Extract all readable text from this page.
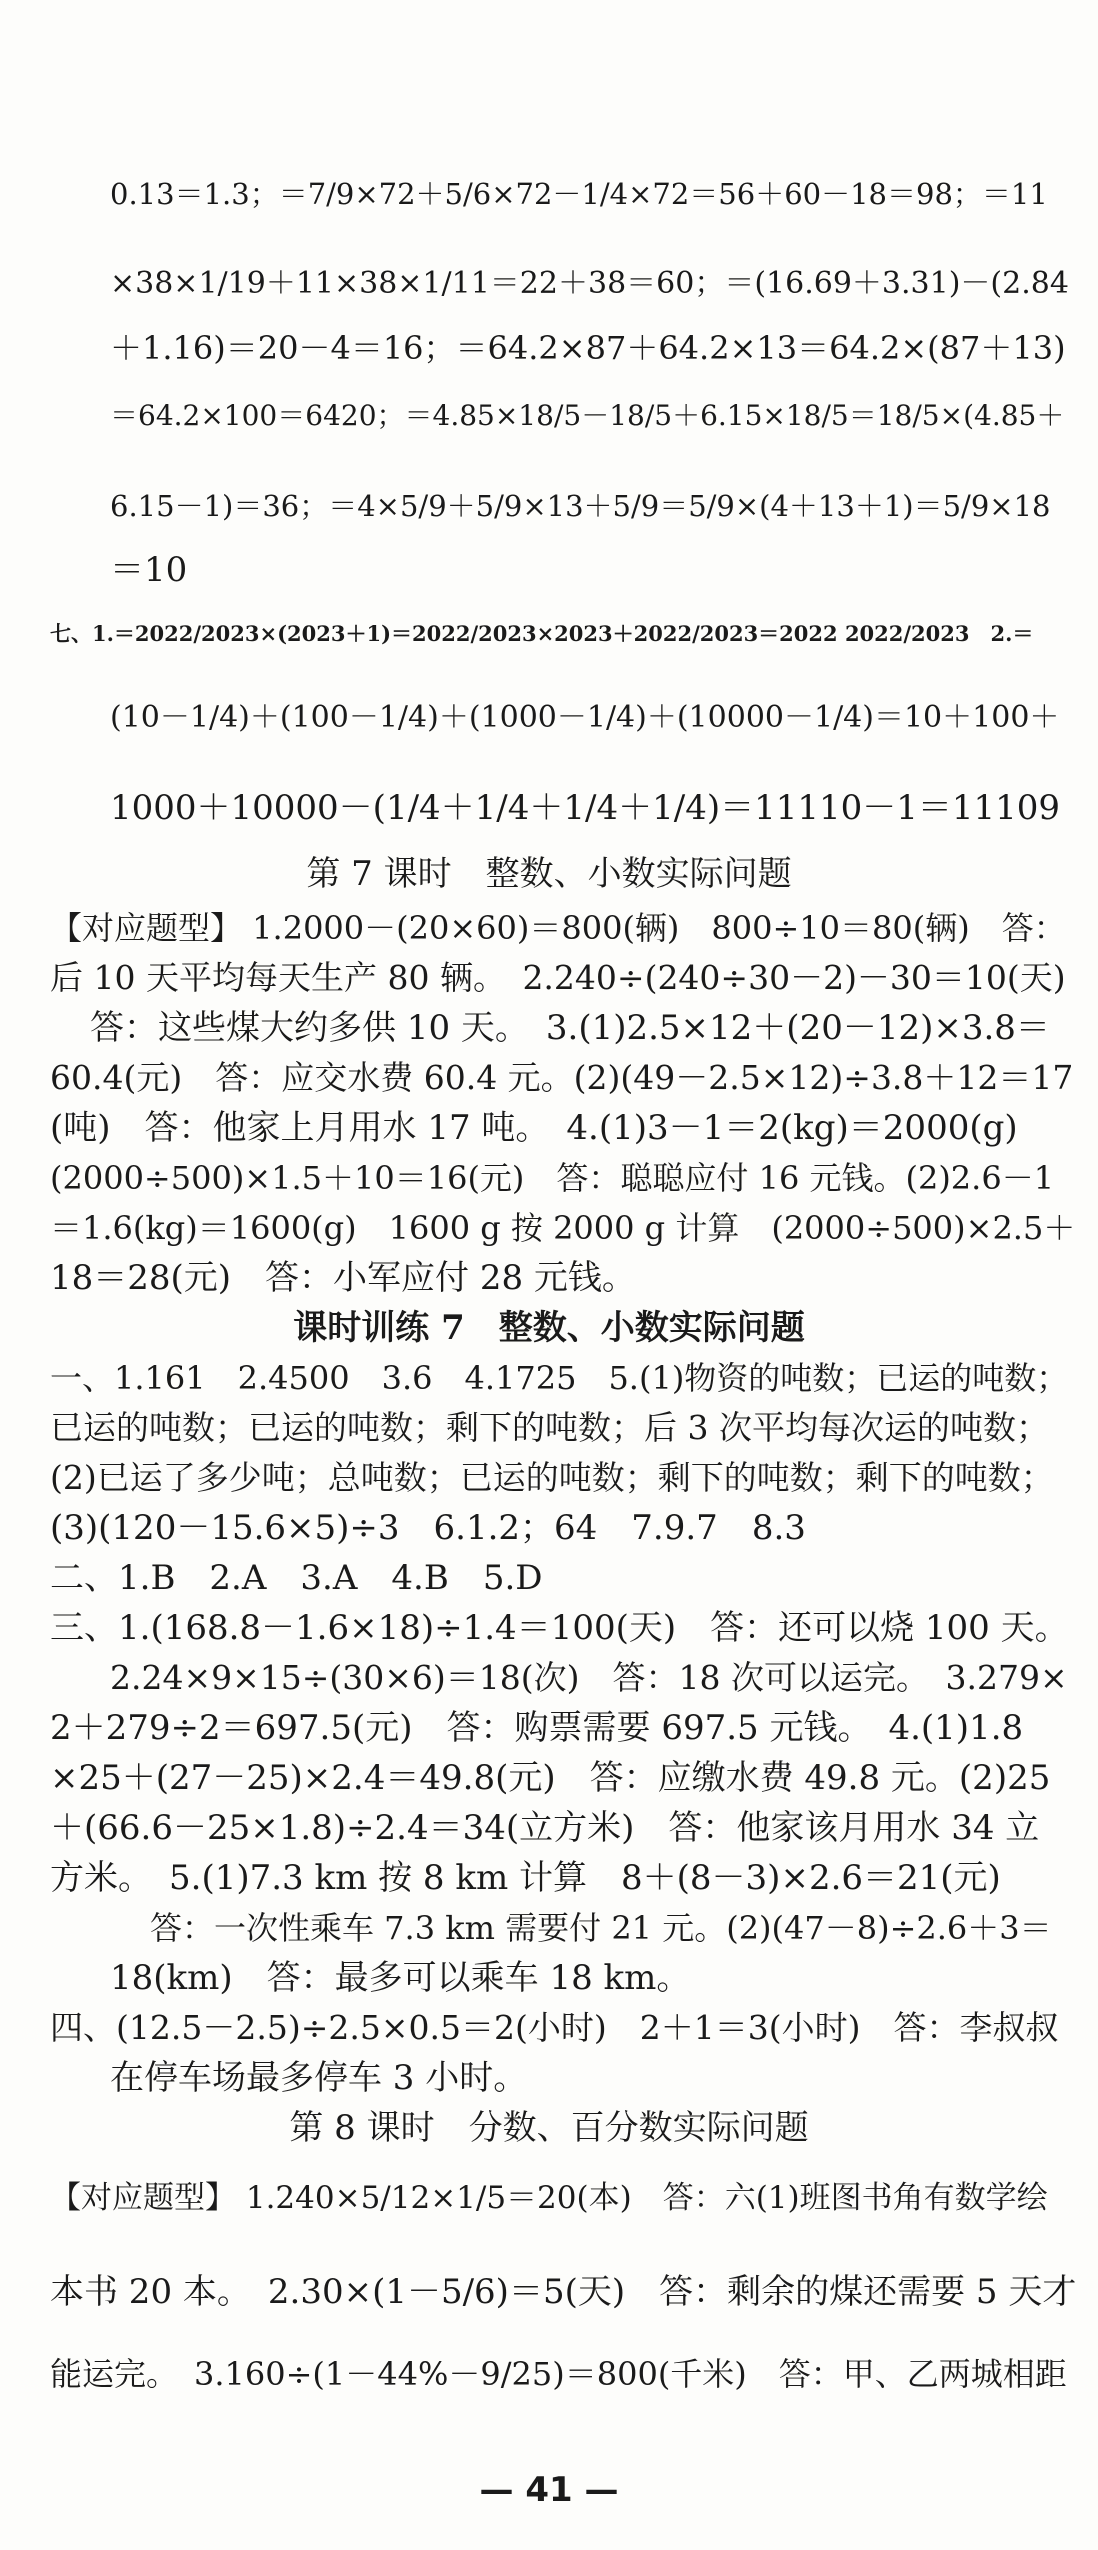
0.13＝1.3；＝7/9×72＋5/6×72－1/4×72＝56＋60－18＝98；＝11
×38×1/19＋11×38×1/11＝22＋38＝60；＝(16.69＋3.31)－(2.84
＋1.16)＝20－4＝16；＝64.2×87＋64.2×13＝64.2×(87＋13)
＝64.2×100＝6420；＝4.85×18/5－18/5＋6.15×18/5＝18/5×(4.85＋
6.15－1)＝36；＝4×5/9＋5/9×13＋5/9＝5/9×(4＋13＋1)＝5/9×18
＝10
七、1.＝2022/2023×(2023＋1)＝2022/2023×2023＋2022/2023＝2022 2022/2023　2.＝
(10－1/4)＋(100－1/4)＋(1000－1/4)＋(10000－1/4)＝10＋100＋
1000＋10000－(1/4＋1/4＋1/4＋1/4)＝11110－1＝11109
第 7 课时　整数、小数实际问题
【对应题型】 1.2000－(20×60)＝800(辆)　800÷10＝80(辆)　答：
后 10 天平均每天生产 80 辆。　2.240÷(240÷30－2)－30＝10(天)
答：这些煤大约多供 10 天。　3.(1)2.5×12＋(20－12)×3.8＝
60.4(元)　答：应交水费 60.4 元。(2)(49－2.5×12)÷3.8＋12＝17
(吨)　答：他家上月用水 17 吨。　4.(1)3－1＝2(kg)＝2000(g)
(2000÷500)×1.5＋10＝16(元)　答：聪聪应付 16 元钱。(2)2.6－1
＝1.6(kg)＝1600(g)　1600 g 按 2000 g 计算　(2000÷500)×2.5＋
18＝28(元)　答：小军应付 28 元钱。
课时训练 7　整数、小数实际问题
一、1.161　2.4500　3.6　4.1725　5.(1)物资的吨数；已运的吨数；
已运的吨数；已运的吨数；剩下的吨数；后 3 次平均每次运的吨数；
(2)已运了多少吨；总吨数；已运的吨数；剩下的吨数；剩下的吨数；
(3)(120－15.6×5)÷3　6.1.2；64　7.9.7　8.3
二、1.B　2.A　3.A　4.B　5.D
三、1.(168.8－1.6×18)÷1.4＝100(天)　答：还可以烧 100 天。
2.24×9×15÷(30×6)＝18(次)　答：18 次可以运完。　3.279×
2＋279÷2＝697.5(元)　答：购票需要 697.5 元钱。　4.(1)1.8
×25＋(27－25)×2.4＝49.8(元)　答：应缴水费 49.8 元。(2)25
＋(66.6－25×1.8)÷2.4＝34(立方米)　答：他家该月用水 34 立
方米。　5.(1)7.3 km 按 8 km 计算　8＋(8－3)×2.6＝21(元)
答：一次性乘车 7.3 km 需要付 21 元。(2)(47－8)÷2.6＋3＝
18(km)　答：最多可以乘车 18 km。
四、(12.5－2.5)÷2.5×0.5＝2(小时)　2＋1＝3(小时)　答：李叔叔
在停车场最多停车 3 小时。
第 8 课时　分数、百分数实际问题
【对应题型】 1.240×5/12×1/5＝20(本)　答：六(1)班图书角有数学绘
本书 20 本。　2.30×(1－5/6)＝5(天)　答：剩余的煤还需要 5 天才
能运完。　3.160÷(1－44%－9/25)＝800(千米)　答：甲、乙两城相距
— 41 —
